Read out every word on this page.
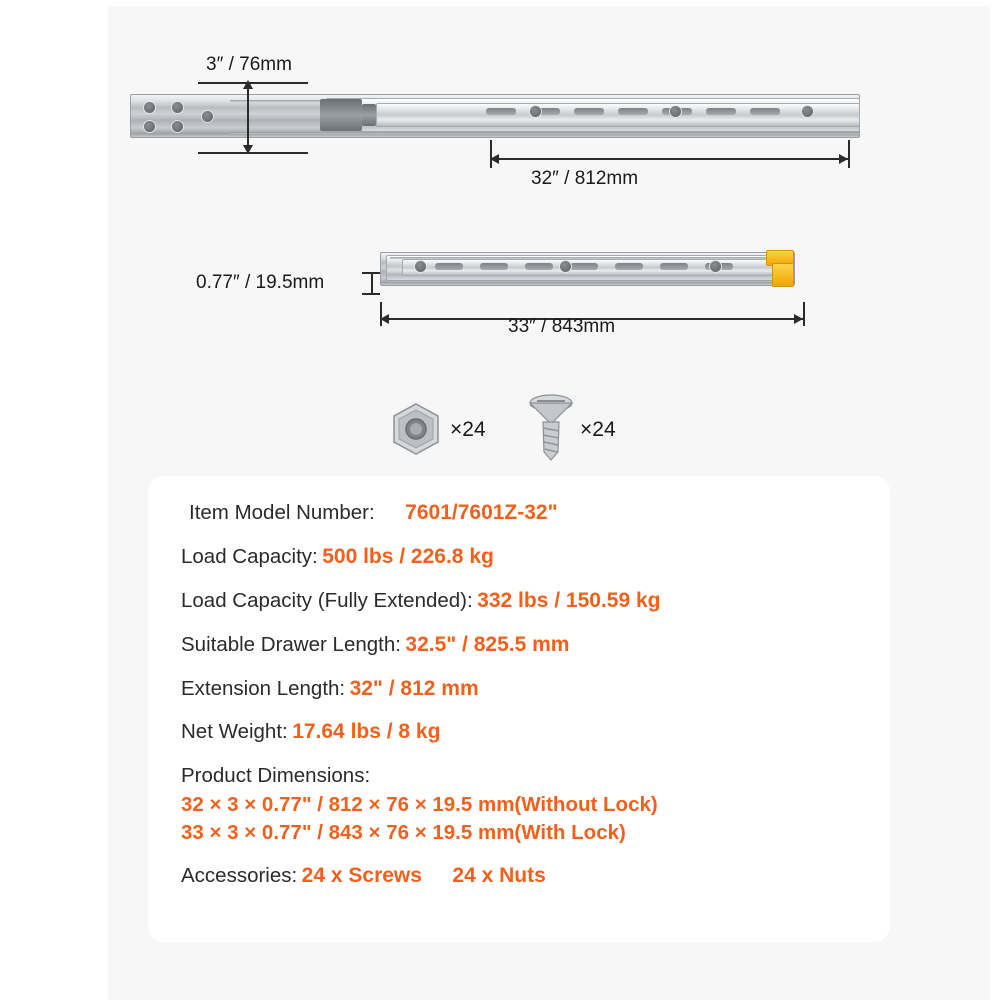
3″ / 76mm
32″ / 812mm
0.77″ / 19.5mm
33″ / 843mm
×24	×24
Item Model Number: 7601/7601Z-32"
Load Capacity: 500 lbs / 226.8 kg
Load Capacity (Fully Extended): 332 lbs / 150.59 kg
Suitable Drawer Length: 32.5" / 825.5 mm
Extension Length: 32" / 812 mm
Net Weight: 17.64 lbs / 8 kg
Product Dimensions:
32 × 3 × 0.77" / 812 × 76 × 19.5 mm(Without Lock)
33 × 3 × 0.77" / 843 × 76 × 19.5 mm(With Lock)
Accessories: 24 x Screws 24 x Nuts
